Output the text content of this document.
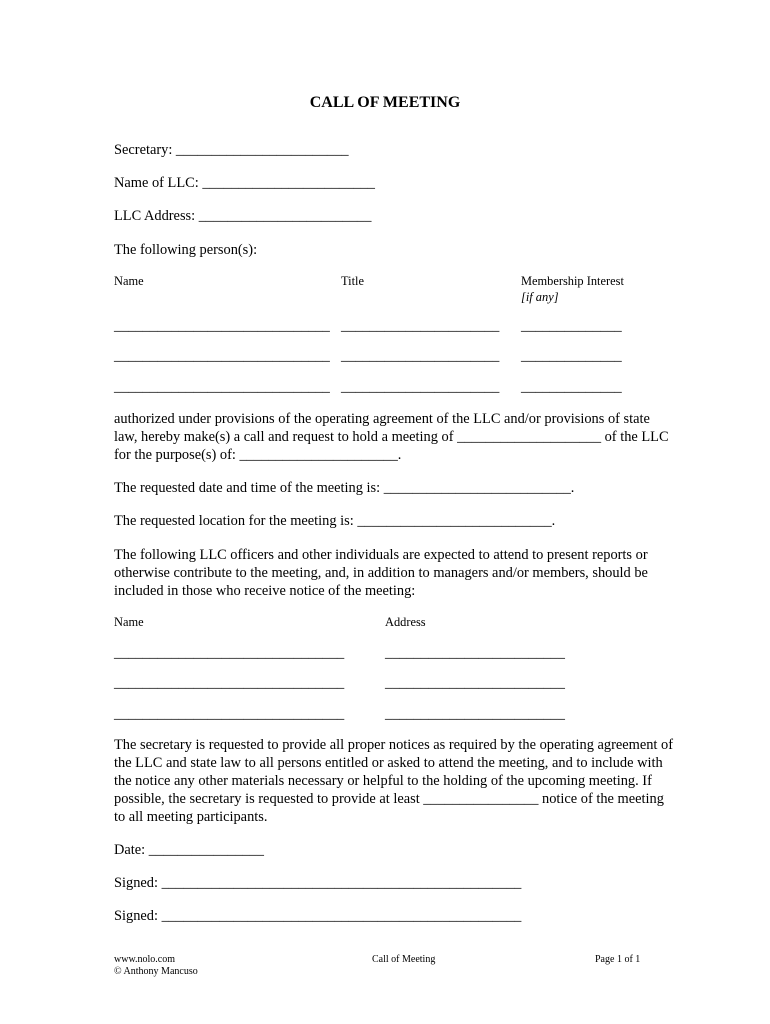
CALL OF MEETING
Secretary: ________________________
Name of LLC: ________________________
LLC Address: ________________________
The following person(s):
Name	Title	Membership Interest
[if any]
______________________________ ______________________ ______________
______________________________ ______________________ ______________
______________________________ ______________________ ______________
authorized under provisions of the operating agreement of the LLC and/or provisions of state law, hereby make(s) a call and request to hold a meeting of ____________________ of the LLC for the purpose(s) of: ______________________.
The requested date and time of the meeting is: __________________________.
The requested location for the meeting is: ___________________________.
The following LLC officers and other individuals are expected to attend to present reports or otherwise contribute to the meeting, and, in addition to managers and/or members, should be included in those who receive notice of the meeting:
Name	Address
________________________________	_________________________
________________________________	_________________________
________________________________	_________________________
The secretary is requested to provide all proper notices as required by the operating agreement of the LLC and state law to all persons entitled or asked to attend the meeting, and to include with the notice any other materials necessary or helpful to the holding of the upcoming meeting. If possible, the secretary is requested to provide at least ________________ notice of the meeting to all meeting participants.
Date: ________________
Signed: __________________________________________________
Signed: __________________________________________________
www.nolo.com
© Anthony Mancuso
Call of Meeting	Page 1 of 1
